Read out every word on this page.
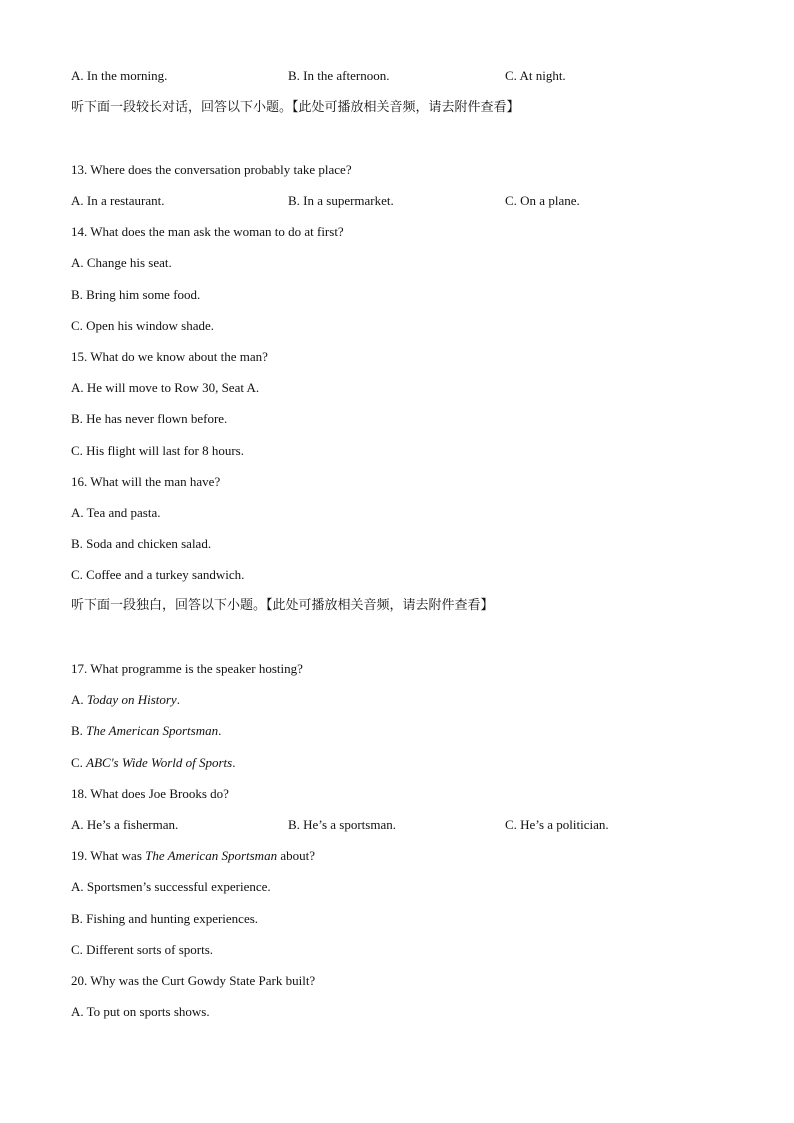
A. In the morning.	B. In the afternoon.	C. At night.
听下面一段较长对话，回答以下小题。【此处可播放相关音频，请去附件查看】
13. Where does the conversation probably take place?
A. In a restaurant.	B. In a supermarket.	C. On a plane.
14. What does the man ask the woman to do at first?
A. Change his seat.
B. Bring him some food.
C. Open his window shade.
15. What do we know about the man?
A. He will move to Row 30, Seat A.
B. He has never flown before.
C. His flight will last for 8 hours.
16. What will the man have?
A. Tea and pasta.
B. Soda and chicken salad.
C. Coffee and a turkey sandwich.
听下面一段独白，回答以下小题。【此处可播放相关音频，请去附件查看】
17. What programme is the speaker hosting?
A. Today on History.
B. The American Sportsman.
C. ABC's Wide World of Sports.
18. What does Joe Brooks do?
A. He’s a fisherman.	B. He’s a sportsman.	C. He’s a politician.
19. What was The American Sportsman about?
A. Sportsmen’s successful experience.
B. Fishing and hunting experiences.
C. Different sorts of sports.
20. Why was the Curt Gowdy State Park built?
A. To put on sports shows.
